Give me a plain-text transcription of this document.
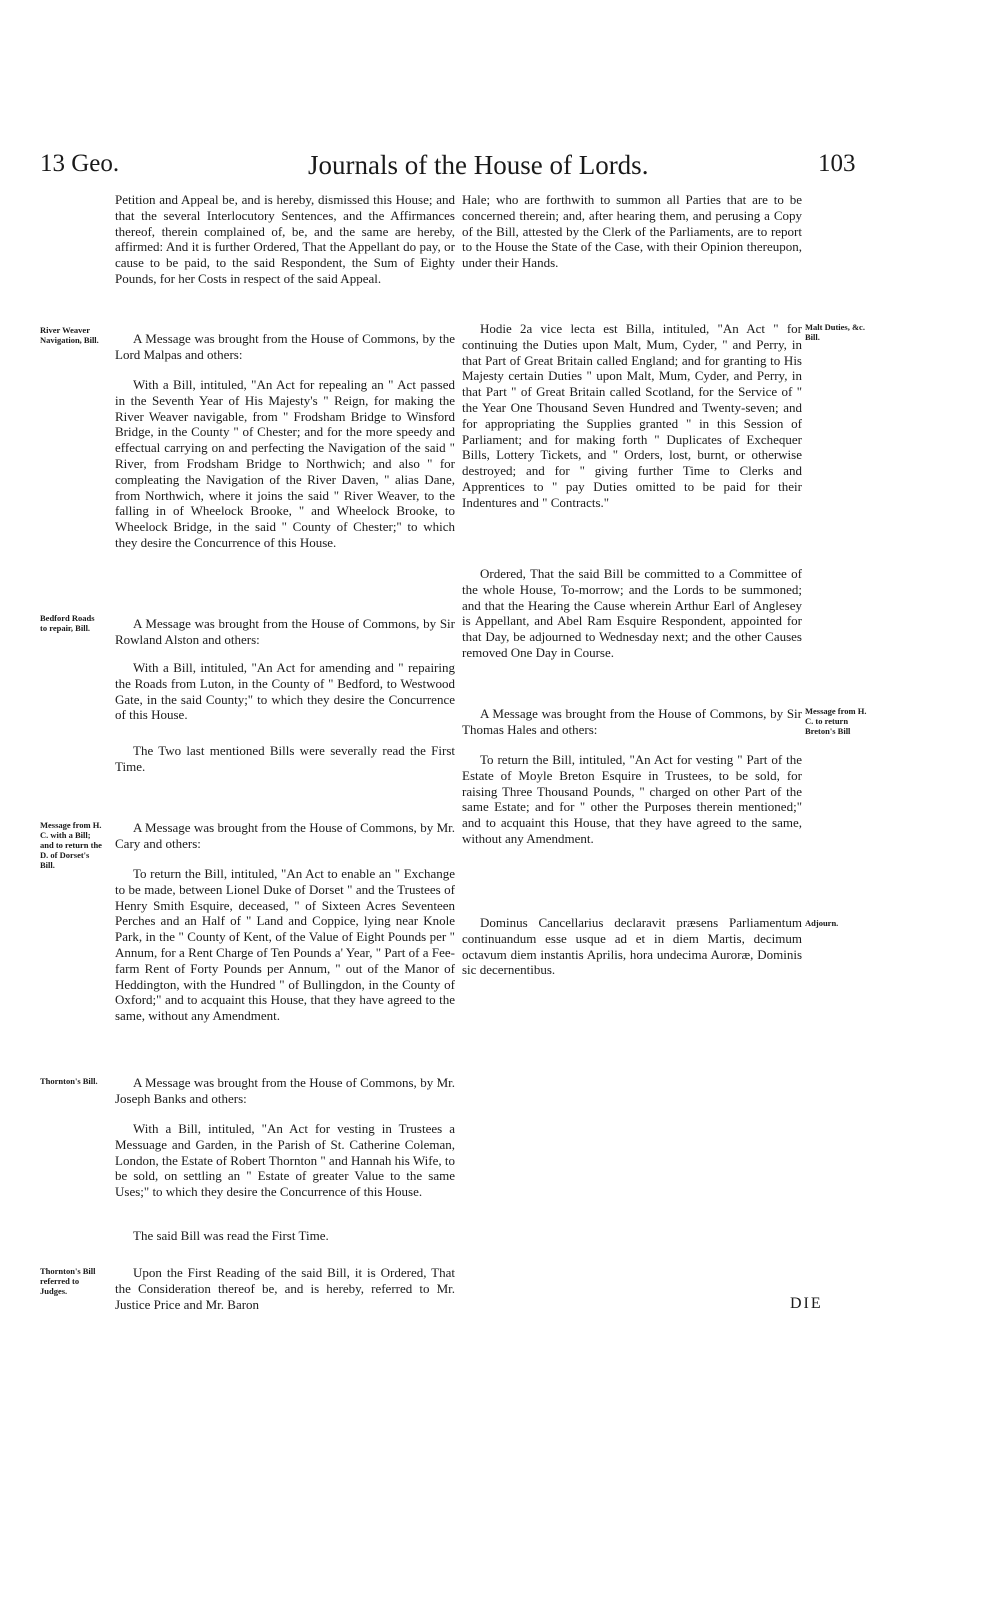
13 Geo.	Journals of the House of Lords.	103

Petition and Appeal be, and is hereby, dismissed this House; and that the several Interlocutory Sentences, and the Affirmances thereof, therein complained of, be, and the same are hereby, affirmed: And it is further Ordered, That the Appellant do pay, or cause to be paid, to the said Respondent, the Sum of Eighty Pounds, for her Costs in respect of the said Appeal.

River Weaver Navigation, Bill.	A Message was brought from the House of Commons, by the Lord Malpas and others:

With a Bill, intituled, "An Act for repealing an " Act passed in the Seventh Year of His Majesty's " Reign, for making the River Weaver navigable, from " Frodsham Bridge to Winsford Bridge, in the County " of Chester; and for the more speedy and effectual carrying on and perfecting the Navigation of the said " River, from Frodsham Bridge to Northwich; and also " for compleating the Navigation of the River Daven, " alias Dane, from Northwich, where it joins the said " River Weaver, to the falling in of Wheelock Brooke, " and Wheelock Brooke, to Wheelock Bridge, in the said " County of Chester;" to which they desire the Concurrence of this House.

Bedford Roads to repair, Bill.	A Message was brought from the House of Commons, by Sir Rowland Alston and others:

With a Bill, intituled, "An Act for amending and " repairing the Roads from Luton, in the County of " Bedford, to Westwood Gate, in the said County;" to which they desire the Concurrence of this House.

The Two last mentioned Bills were severally read the First Time.

Message from H. C. with a Bill; and to return the D. of Dorset's Bill.

A Message was brought from the House of Commons, by Mr. Cary and others:

To return the Bill, intituled, "An Act to enable an " Exchange to be made, between Lionel Duke of Dorset " and the Trustees of Henry Smith Esquire, deceased, " of Sixteen Acres Seventeen Perches and an Half of " Land and Coppice, lying near Knole Park, in the " County of Kent, of the Value of Eight Pounds per " Annum, for a Rent Charge of Ten Pounds a' Year, " Part of a Fee-farm Rent of Forty Pounds per Annum, " out of the Manor of Heddington, with the Hundred " of Bullingdon, in the County of Oxford;" and to acquaint this House, that they have agreed to the same, without any Amendment.

Thornton's Bill.	A Message was brought from the House of Commons, by Mr. Joseph Banks and others:

With a Bill, intituled, "An Act for vesting in Trustees a Messuage and Garden, in the Parish of St. Catherine Coleman, London, the Estate of Robert Thornton " and Hannah his Wife, to be sold, on settling an " Estate of greater Value to the same Uses;" to which they desire the Concurrence of this House.

The said Bill was read the First Time.

Thornton's Bill referred to Judges.

Upon the First Reading of the said Bill, it is Ordered, That the Consideration thereof be, and is hereby, referred to Mr. Justice Price and Mr. Baron

Hale; who are forthwith to summon all Parties that are to be concerned therein; and, after hearing them, and perusing a Copy of the Bill, attested by the Clerk of the Parliaments, are to report to the House the State of the Case, with their Opinion thereupon, under their Hands.

Malt Duties, &c. Bill.

Hodie 2a vice lecta est Billa, intituled, "An Act " for continuing the Duties upon Malt, Mum, Cyder, " and Perry, in that Part of Great Britain called England; and for granting to His Majesty certain Duties " upon Malt, Mum, Cyder, and Perry, in that Part " of Great Britain called Scotland, for the Service of " the Year One Thousand Seven Hundred and Twenty-seven; and for appropriating the Supplies granted " in this Session of Parliament; and for making forth " Duplicates of Exchequer Bills, Lottery Tickets, and " Orders, lost, burnt, or otherwise destroyed; and for " giving further Time to Clerks and Apprentices to " pay Duties omitted to be paid for their Indentures and " Contracts."

Ordered, That the said Bill be committed to a Committee of the whole House, To-morrow; and the Lords to be summoned; and that the Hearing the Cause wherein Arthur Earl of Anglesey is Appellant, and Abel Ram Esquire Respondent, appointed for that Day, be adjourned to Wednesday next; and the other Causes removed One Day in Course.

Message from H. C. to return Breton's Bill

A Message was brought from the House of Commons, by Sir Thomas Hales and others:

To return the Bill, intituled, "An Act for vesting " Part of the Estate of Moyle Breton Esquire in Trustees, to be sold, for raising Three Thousand Pounds, " charged on other Part of the same Estate; and for " other the Purposes therein mentioned;" and to acquaint this House, that they have agreed to the same, without any Amendment.

Adjourn.

Dominus Cancellarius declaravit præsens Parliamentum continuandum esse usque ad et in diem Martis, decimum octavum diem instantis Aprilis, hora undecima Auroræ, Dominis sic decernentibus.

DIE
